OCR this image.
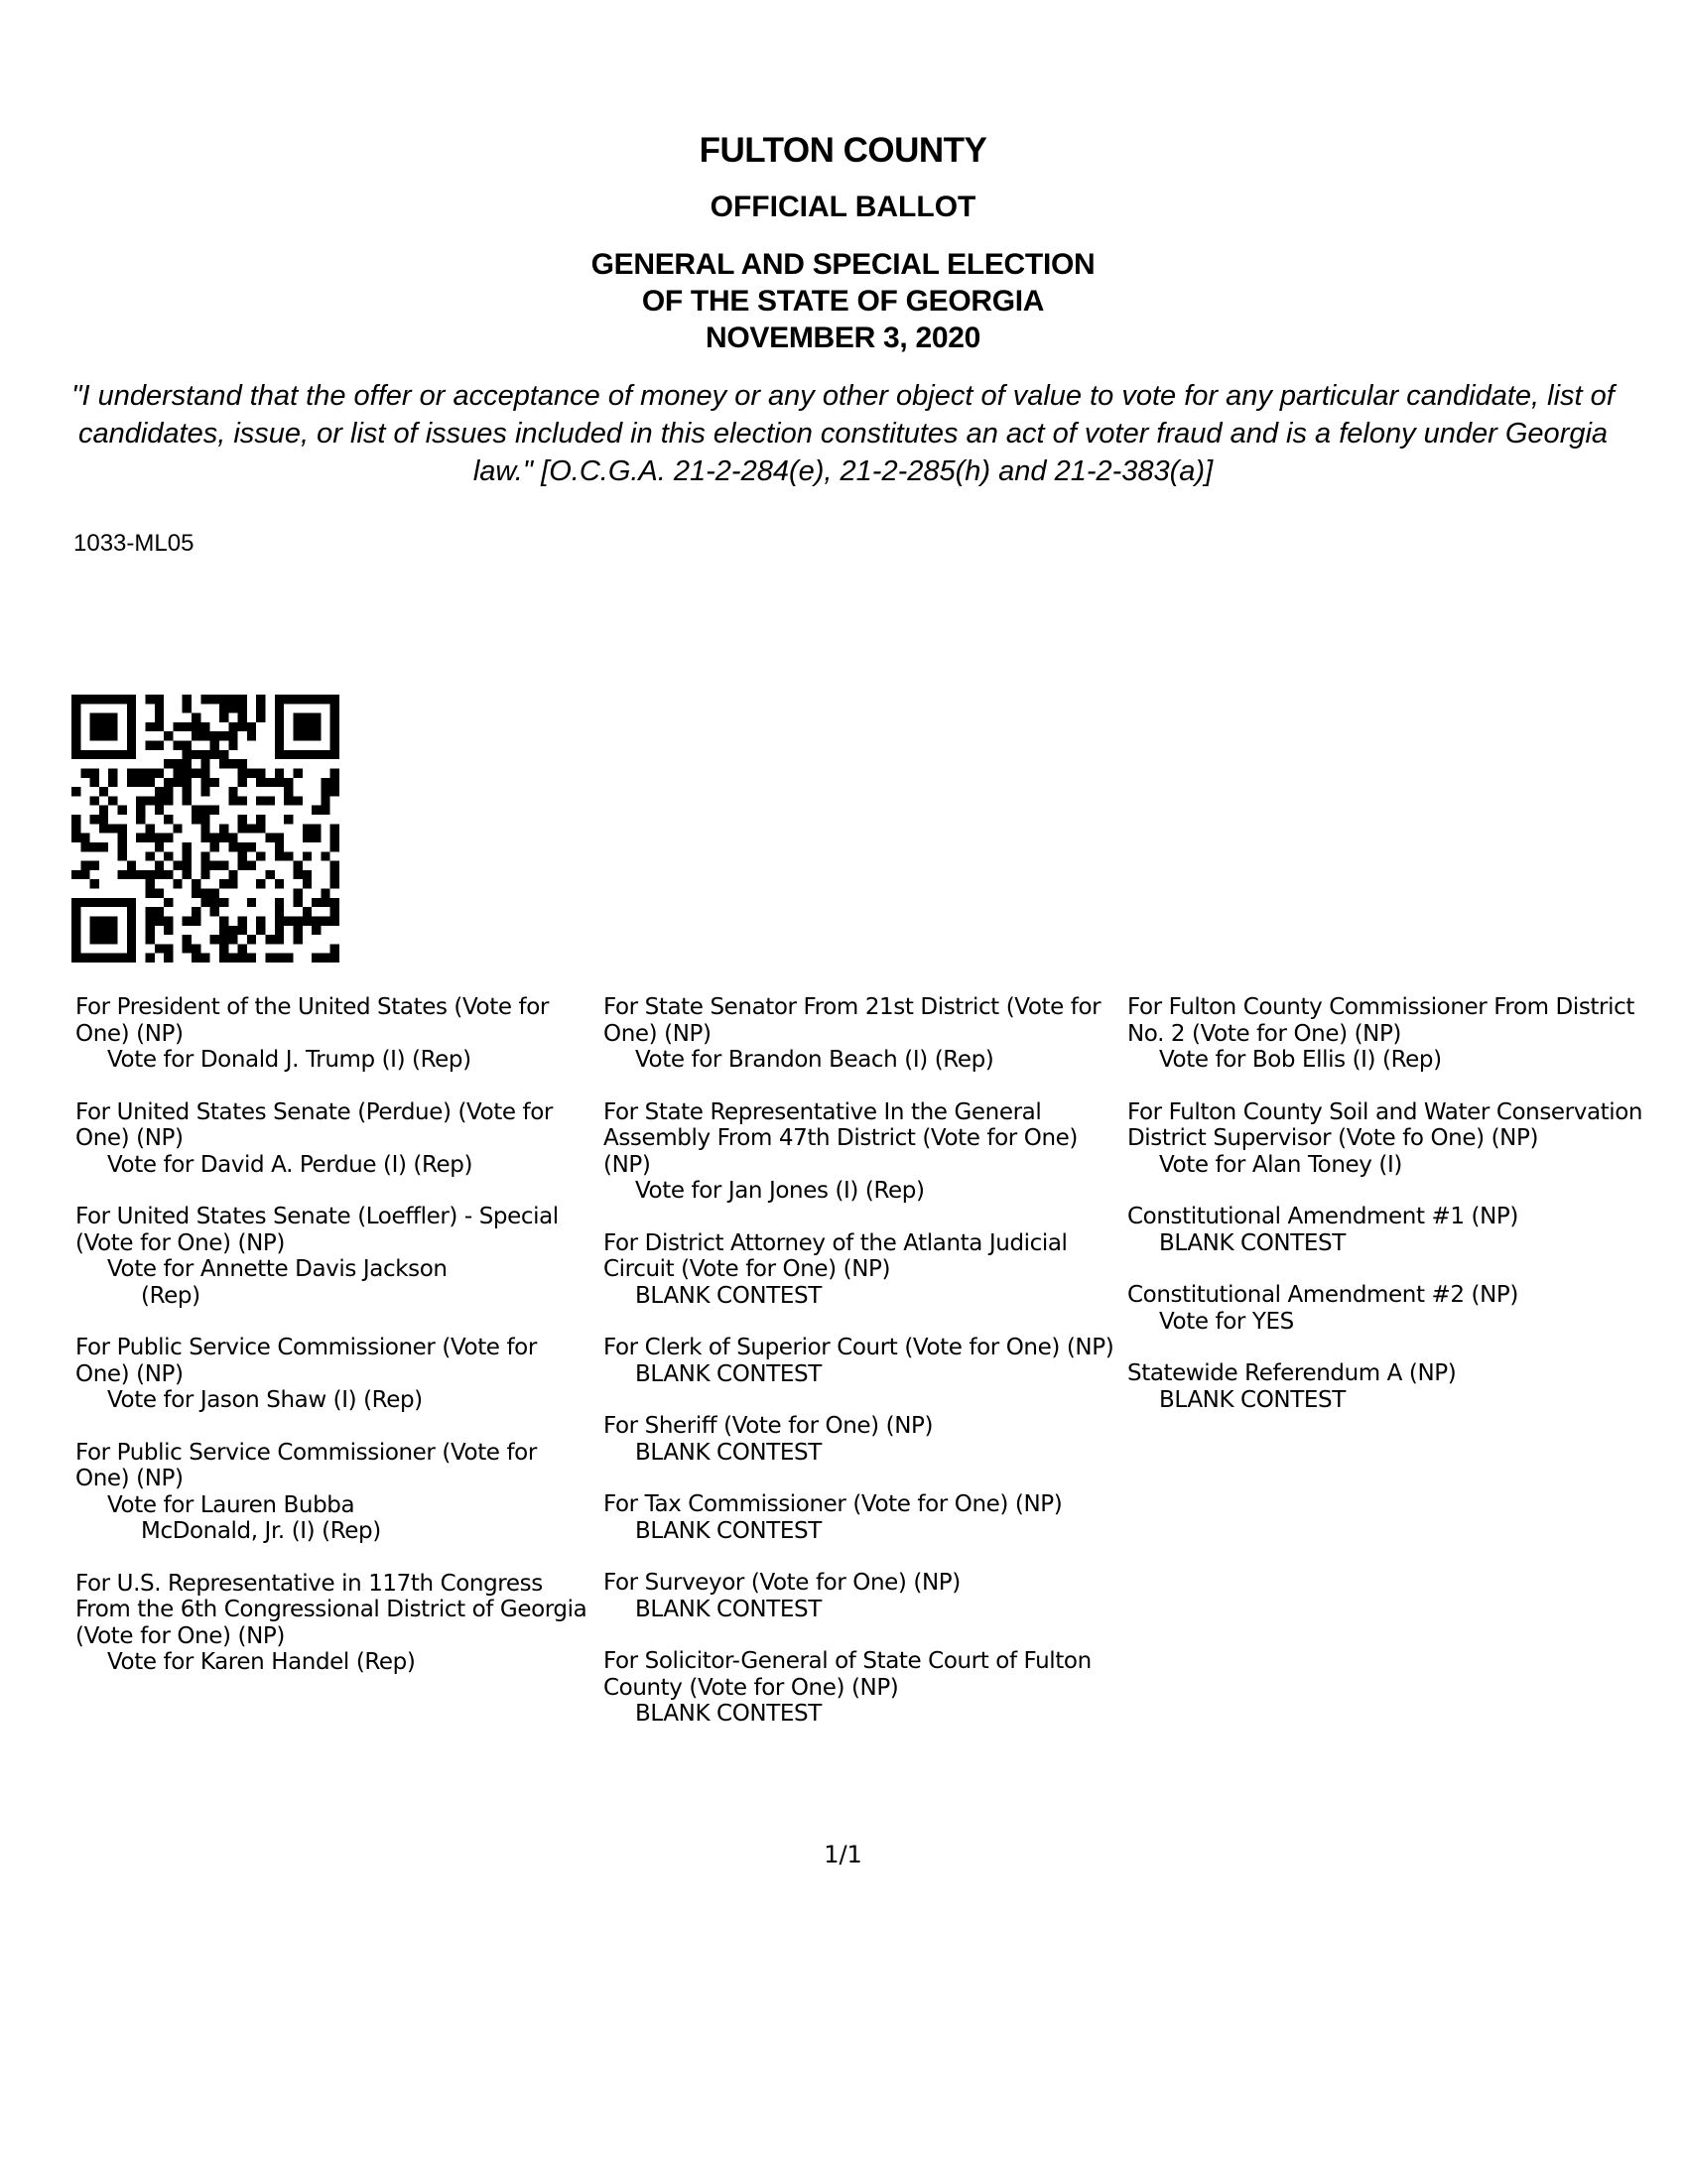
FULTON COUNTY
OFFICIAL BALLOT
GENERAL AND SPECIAL ELECTION
OF THE STATE OF GEORGIA
NOVEMBER 3, 2020

"I understand that the offer or acceptance of money or any other object of value to vote for any particular candidate, list of candidates, issue, or list of issues included in this election constitutes an act of voter fraud and is a felony under Georgia law." [O.C.G.A. 21-2-284(e), 21-2-285(h) and 21-2-383(a)]

1033-ML05

For President of the United States (Vote for One) (NP)

Vote for Donald J. Trump (I) (Rep)

For United States Senate (Perdue) (Vote for One) (NP)

Vote for David A. Perdue (I) (Rep)

For United States Senate (Loeffler) - Special (Vote for One) (NP)

Vote for Annette Davis Jackson

(Rep)

For Public Service Commissioner (Vote for One) (NP)

Vote for Jason Shaw (I) (Rep)

For Public Service Commissioner (Vote for One) (NP)

Vote for Lauren Bubba

McDonald, Jr. (I) (Rep)

For U.S. Representative in 117th Congress From the 6th Congressional District of Georgia (Vote for One) (NP)

Vote for Karen Handel (Rep)

For State Senator From 21st District (Vote for One) (NP)

Vote for Brandon Beach (I) (Rep)

For State Representative In the General Assembly From 47th District (Vote for One) (NP)

Vote for Jan Jones (I) (Rep)

For District Attorney of the Atlanta Judicial Circuit (Vote for One) (NP)

BLANK CONTEST

For Clerk of Superior Court (Vote for One) (NP)

BLANK CONTEST

For Sheriff (Vote for One) (NP)

BLANK CONTEST

For Tax Commissioner (Vote for One) (NP)

BLANK CONTEST

For Surveyor (Vote for One) (NP)

BLANK CONTEST

For Solicitor-General of State Court of Fulton County (Vote for One) (NP)

BLANK CONTEST

For Fulton County Commissioner From District No. 2 (Vote for One) (NP)

Vote for Bob Ellis (I) (Rep)

For Fulton County Soil and Water Conservation District Supervisor (Vote fo One) (NP)

Vote for Alan Toney (I)

Constitutional Amendment #1 (NP)

BLANK CONTEST

Constitutional Amendment #2 (NP)

Vote for YES

Statewide Referendum A (NP)

BLANK CONTEST

1/1
